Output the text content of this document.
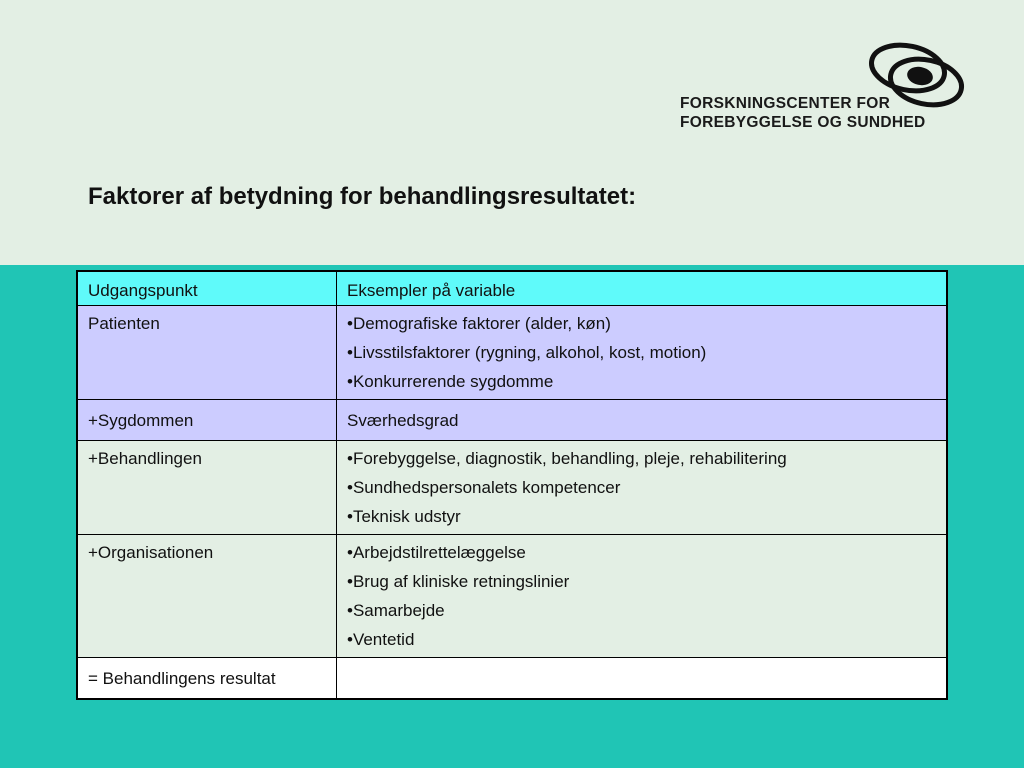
FORSKNINGSCENTER FOR
FOREBYGGELSE OG SUNDHED
Faktorer af betydning for behandlingsresultatet:
Udgangspunkt	Eksempler på variable
Patienten	•Demografiske faktorer (alder, køn)
•Livsstilsfaktorer (rygning, alkohol, kost, motion)
•Konkurrerende sygdomme

+Sygdommen	Sværhedsgrad

+Behandlingen	•Forebyggelse, diagnostik, behandling, pleje, rehabilitering
•Sundhedspersonalets kompetencer
•Teknisk udstyr

+Organisationen	•Arbejdstilrettelæggelse
•Brug af kliniske retningslinier
•Samarbejde
•Ventetid

= Behandlingens resultat	
